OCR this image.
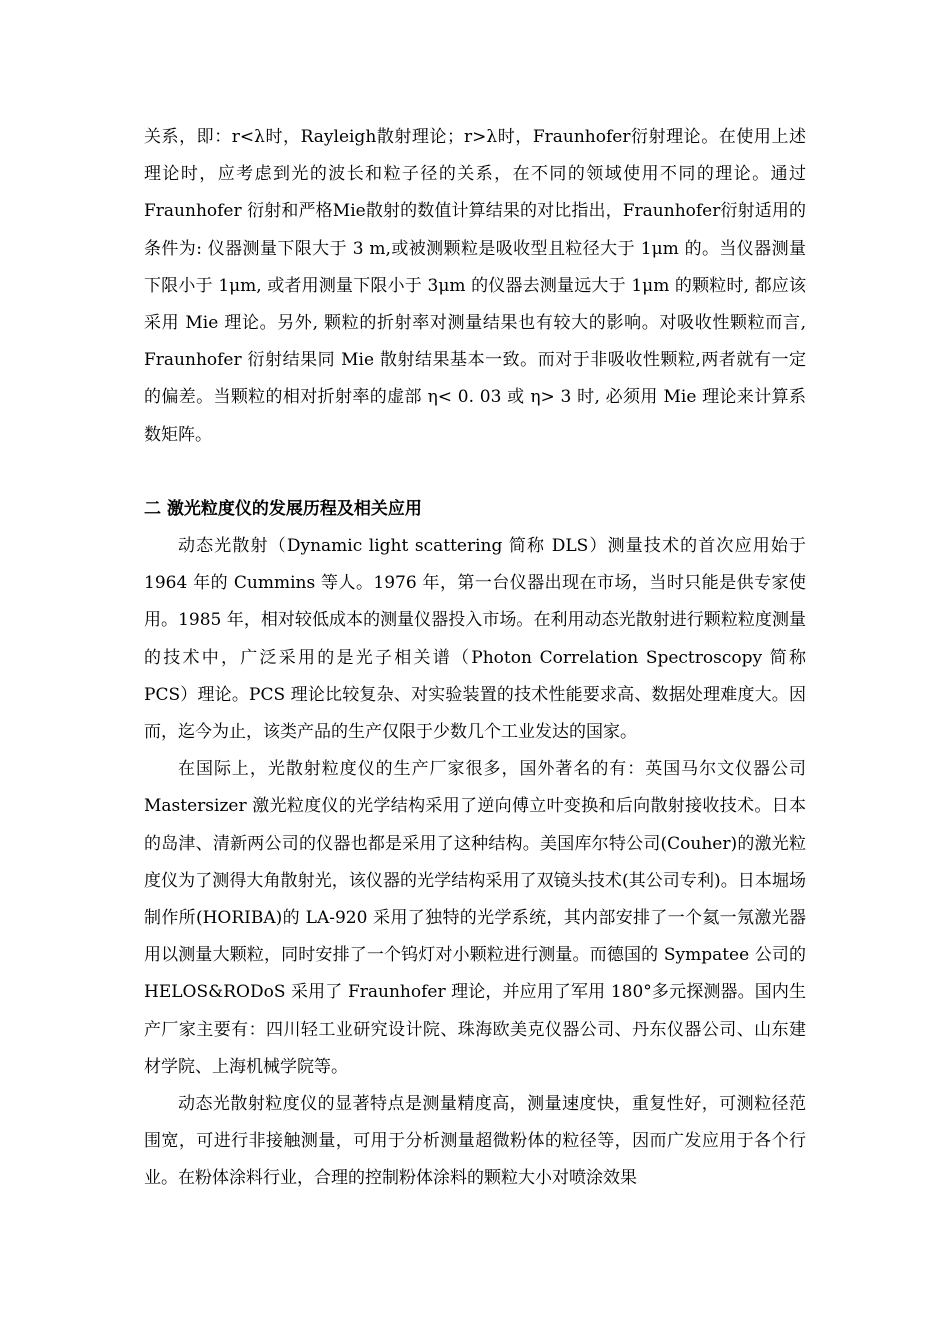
关系，即：r<λ时，Rayleigh散射理论；r>λ时，Fraunhofer衍射理论。在使用上述理论时，应考虑到光的波长和粒子径的关系，在不同的领域使用不同的理论。通过Fraunhofer 衍射和严格Mie散射的数值计算结果的对比指出，Fraunhofer衍射适用的条件为: 仪器测量下限大于 3 m,或被测颗粒是吸收型且粒径大于 1μm 的。当仪器测量下限小于 1μm, 或者用测量下限小于 3μm 的仪器去测量远大于 1μm 的颗粒时, 都应该采用 Mie 理论。另外, 颗粒的折射率对测量结果也有较大的影响。对吸收性颗粒而言, Fraunhofer 衍射结果同 Mie 散射结果基本一致。而对于非吸收性颗粒,两者就有一定的偏差。当颗粒的相对折射率的虚部 η< 0. 03 或 η> 3 时, 必须用 Mie 理论来计算系数矩阵。

二 激光粒度仪的发展历程及相关应用

动态光散射（Dynamic light scattering 简称 DLS）测量技术的首次应用始于 1964 年的 Cummins 等人。1976 年，第一台仪器出现在市场，当时只能是供专家使用。1985 年，相对较低成本的测量仪器投入市场。在利用动态光散射进行颗粒粒度测量的技术中，广泛采用的是光子相关谱（Photon Correlation Spectroscopy 简称 PCS）理论。PCS 理论比较复杂、对实验装置的技术性能要求高、数据处理难度大。因而，迄今为止，该类产品的生产仅限于少数几个工业发达的国家。

在国际上，光散射粒度仪的生产厂家很多，国外著名的有：英国马尔文仪器公司 Mastersizer 激光粒度仪的光学结构采用了逆向傅立叶变换和后向散射接收技术。日本的岛津、清新两公司的仪器也都是采用了这种结构。美国库尔特公司(Couher)的激光粒度仪为了测得大角散射光，该仪器的光学结构采用了双镜头技术(其公司专利)。日本堀场制作所(HORIBA)的 LA-920 采用了独特的光学系统，其内部安排了一个氦一氖激光器用以测量大颗粒，同时安排了一个钨灯对小颗粒进行测量。而德国的 Sympatee 公司的 HELOS&RODoS 采用了 Fraunhofer 理论，并应用了军用 180°多元探测器。国内生产厂家主要有：四川轻工业研究设计院、珠海欧美克仪器公司、丹东仪器公司、山东建材学院、上海机械学院等。

动态光散射粒度仪的显著特点是测量精度高，测量速度快，重复性好，可测粒径范围宽，可进行非接触测量，可用于分析测量超微粉体的粒径等，因而广发应用于各个行业。在粉体涂料行业，合理的控制粉体涂料的颗粒大小对喷涂效果
